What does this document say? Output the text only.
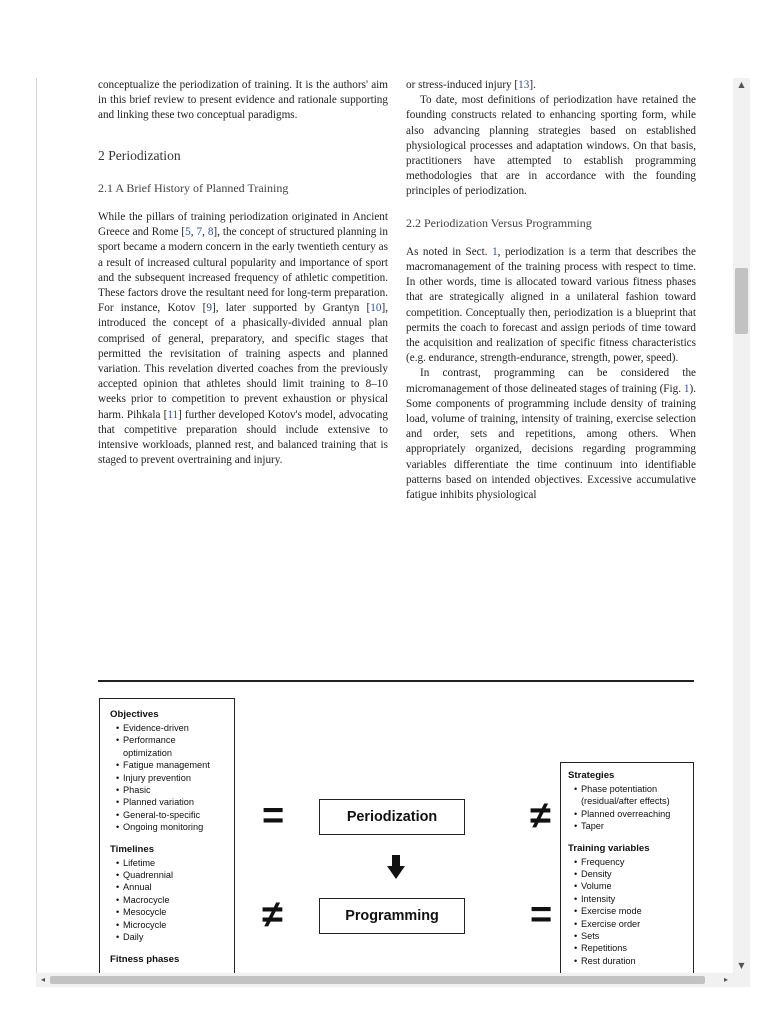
conceptualize the periodization of training. It is the authors' aim in this brief review to present evidence and rationale supporting and linking these two conceptual paradigms.

2 Periodization
2.1 A Brief History of Planned Training

While the pillars of training periodization originated in Ancient Greece and Rome [5, 7, 8], the concept of structured planning in sport became a modern concern in the early twentieth century as a result of increased cultural popularity and importance of sport and the subsequent increased frequency of athletic competition. These factors drove the resultant need for long-term preparation. For instance, Kotov [9], later supported by Grantyn [10], introduced the concept of a phasically-divided annual plan comprised of general, preparatory, and specific stages that permitted the revisitation of training aspects and planned variation. This revelation diverted coaches from the previously accepted opinion that athletes should limit training to 8–10 weeks prior to competition to prevent exhaustion or physical harm. Pihkala [11] further developed Kotov's model, advocating that competitive preparation should include extensive to intensive workloads, planned rest, and balanced training that is staged to prevent overtraining and injury.

or stress-induced injury [13].

To date, most definitions of periodization have retained the founding constructs related to enhancing sporting form, while also advancing planning strategies based on established physiological processes and adaptation windows. On that basis, practitioners have attempted to establish programming methodologies that are in accordance with the founding principles of periodization.

2.2 Periodization Versus Programming

As noted in Sect. 1, periodization is a term that describes the macromanagement of the training process with respect to time. In other words, time is allocated toward various fitness phases that are strategically aligned in a unilateral fashion toward competition. Conceptually then, periodization is a blueprint that permits the coach to forecast and assign periods of time toward the acquisition and realization of specific fitness characteristics (e.g. endurance, strength-endurance, strength, power, speed).

In contrast, programming can be considered the micromanagement of those delineated stages of training (Fig. 1). Some components of programming include density of training load, volume of training, intensity of training, exercise selection and order, sets and repetitions, among others. When appropriately organized, decisions regarding programming variables differentiate the time continuum into identifiable patterns based on intended objectives. Excessive accumulative fatigue inhibits physiological

Objectives
• Evidence-driven
• Performance optimization
• Fatigue management
• Injury prevention
• Phasic
• Planned variation
• General-to-specific
• Ongoing monitoring
Timelines
• Lifetime
• Quadrennial
• Annual
• Macrocycle
• Mesocycle
• Microcycle
• Daily
Fitness phases
Strategies
• Phase potentiation (residual/after effects)
• Planned overreaching
• Taper
Training variables
• Frequency
• Density
• Volume
• Intensity
• Exercise mode
• Exercise order
• Sets
• Repetitions
• Rest duration
=	≠
≠	=
Periodization
Programming
▲
▼
◂	▸
